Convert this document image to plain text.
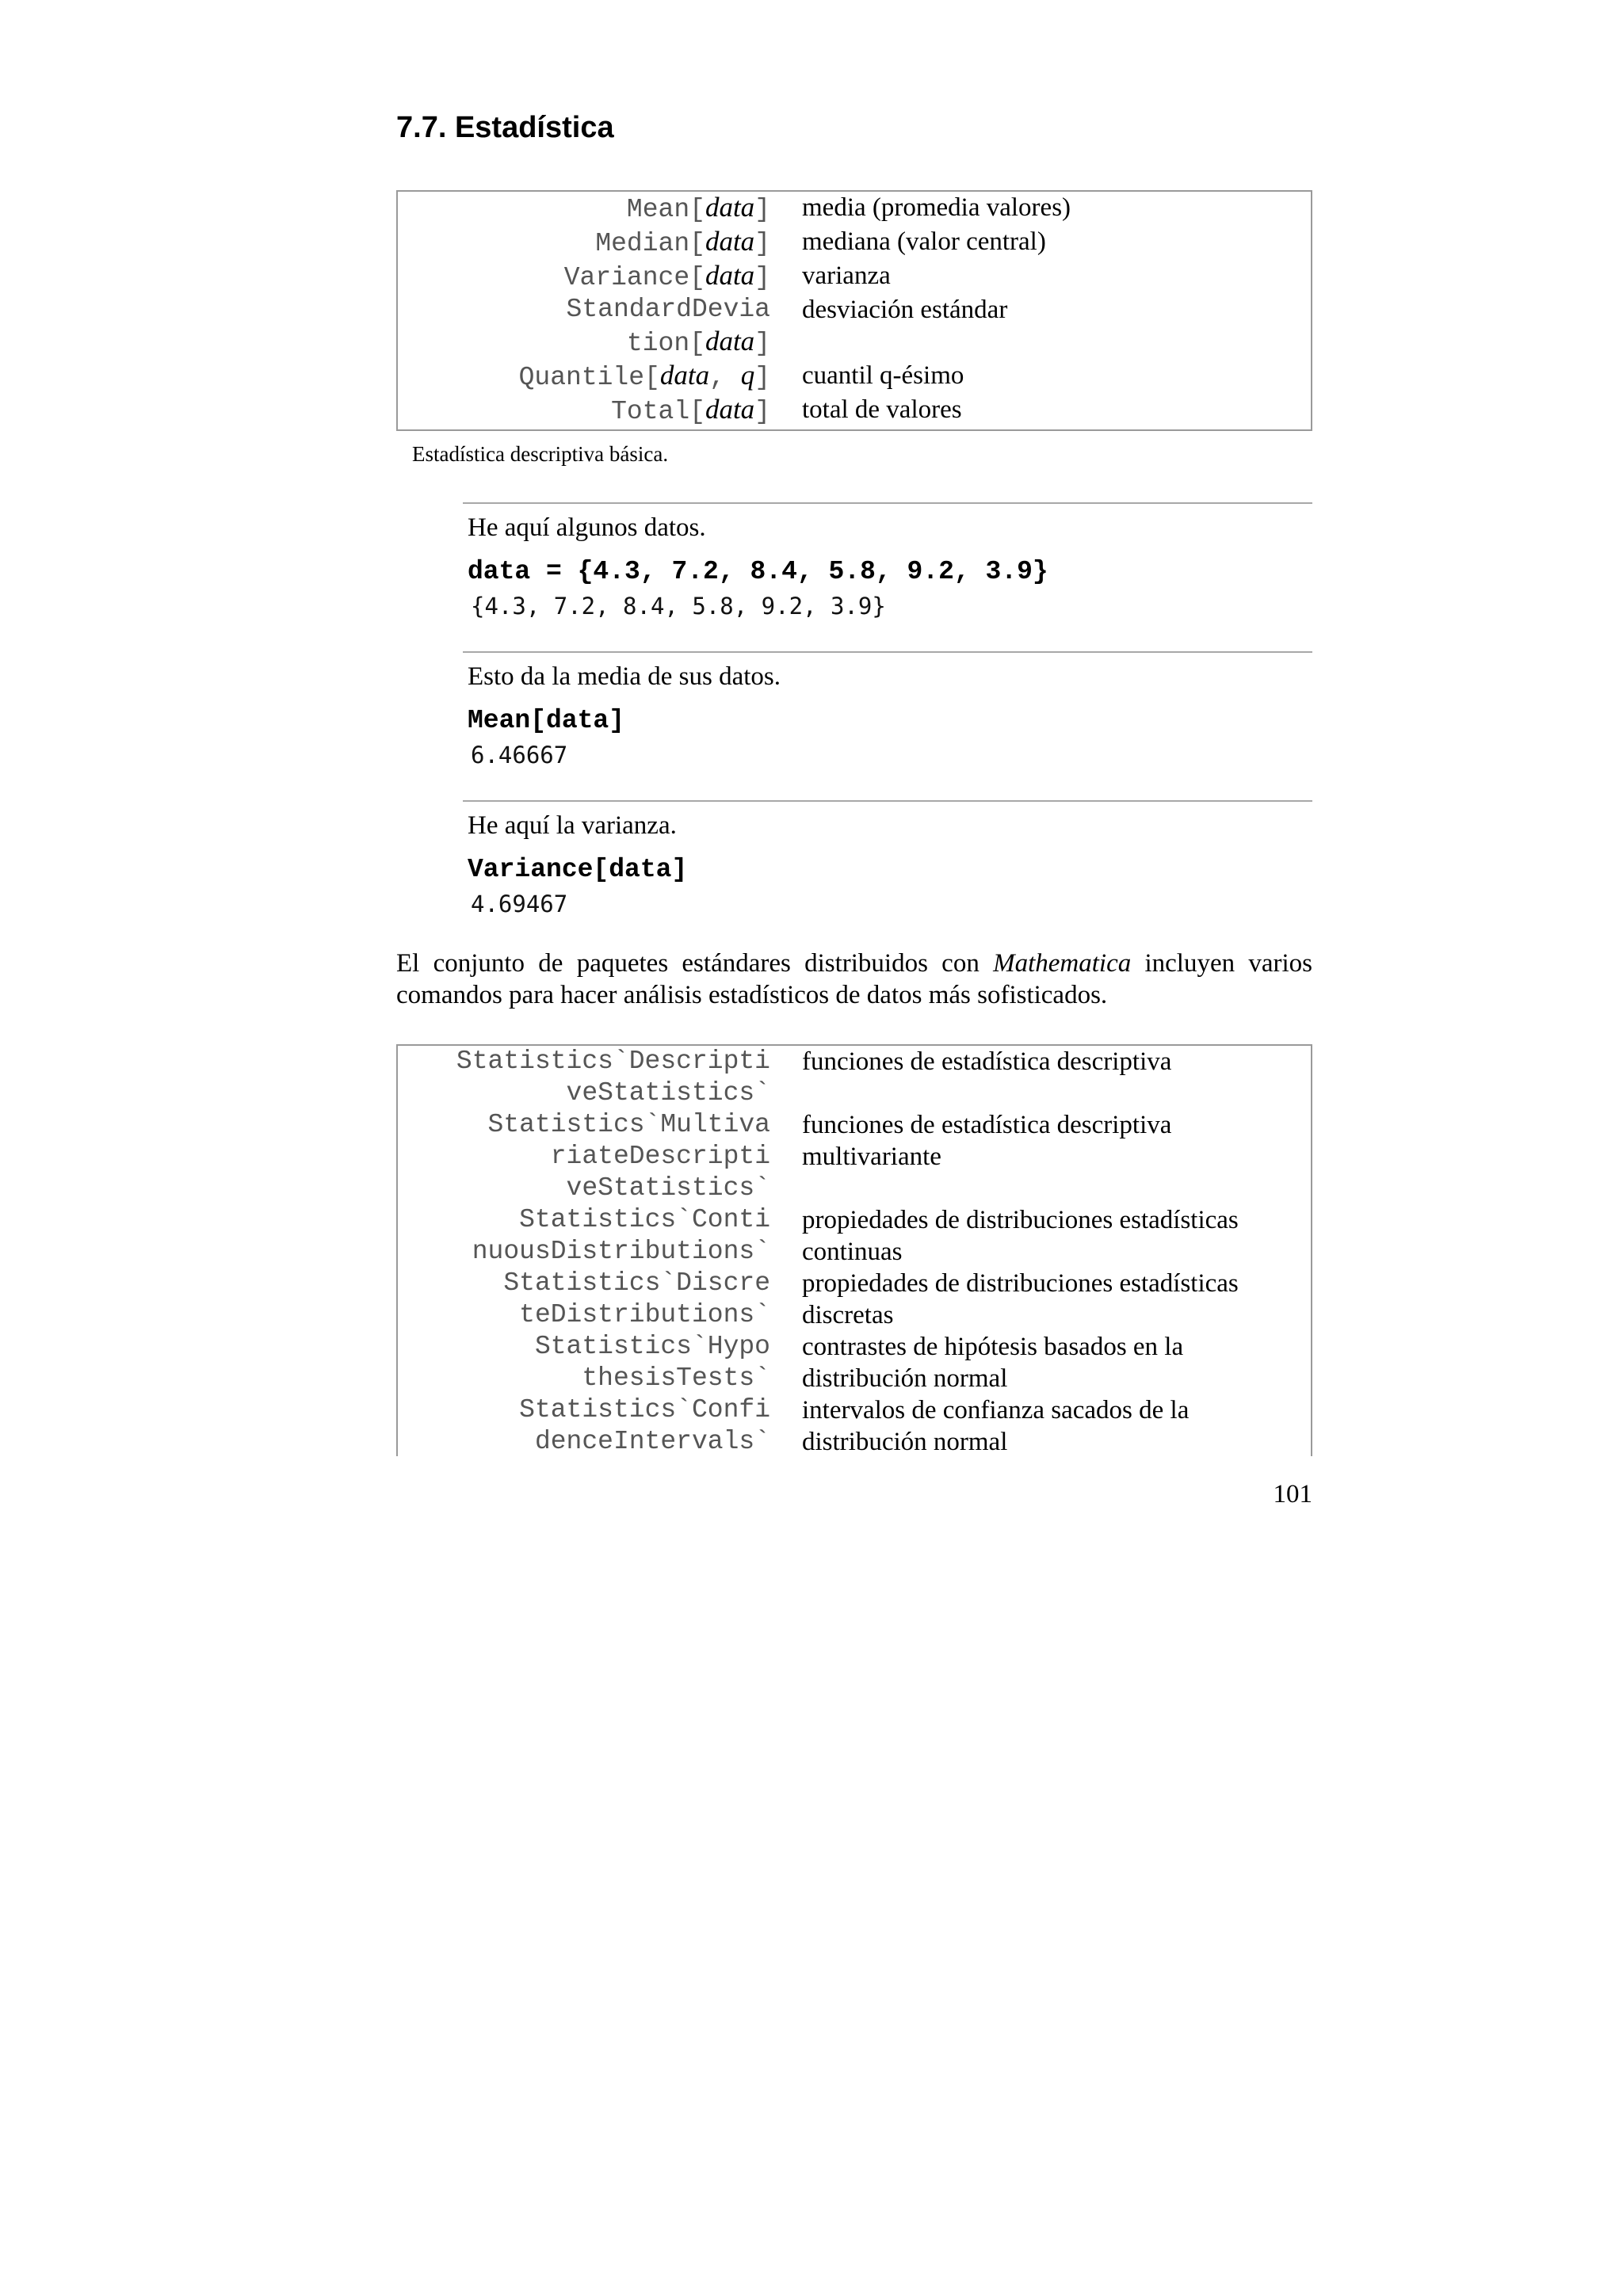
7.7. Estadística
Mean[data] media (promedia valores)
Median[data] mediana (valor central)
Variance[data] varianza
StandardDevia desviación estándar
tion[data]
Quantile[data, q] cuantil q-ésimo
Total[data] total de valores
Estadística descriptiva básica.
He aquí algunos datos.
data = {4.3, 7.2, 8.4, 5.8, 9.2, 3.9}
{4.3, 7.2, 8.4, 5.8, 9.2, 3.9}
Esto da la media de sus datos.
Mean[data]
6.46667
He aquí la varianza.
Variance[data]
4.69467

El conjunto de paquetes estándares distribuidos con Mathematica incluyen varios comandos para hacer análisis estadísticos de datos más sofisticados.

Statistics`Descripti funciones de estadística descriptiva
veStatistics`
Statistics`Multiva funciones de estadística descriptiva
riateDescripti multivariante
veStatistics`
Statistics`Conti propiedades de distribuciones estadísticas
nuousDistributions` continuas
Statistics`Discre propiedades de distribuciones estadísticas
teDistributions` discretas
Statistics`Hypo contrastes de hipótesis basados en la
thesisTests` distribución normal
Statistics`Confi intervalos de confianza sacados de la
denceIntervals` distribución normal
101
